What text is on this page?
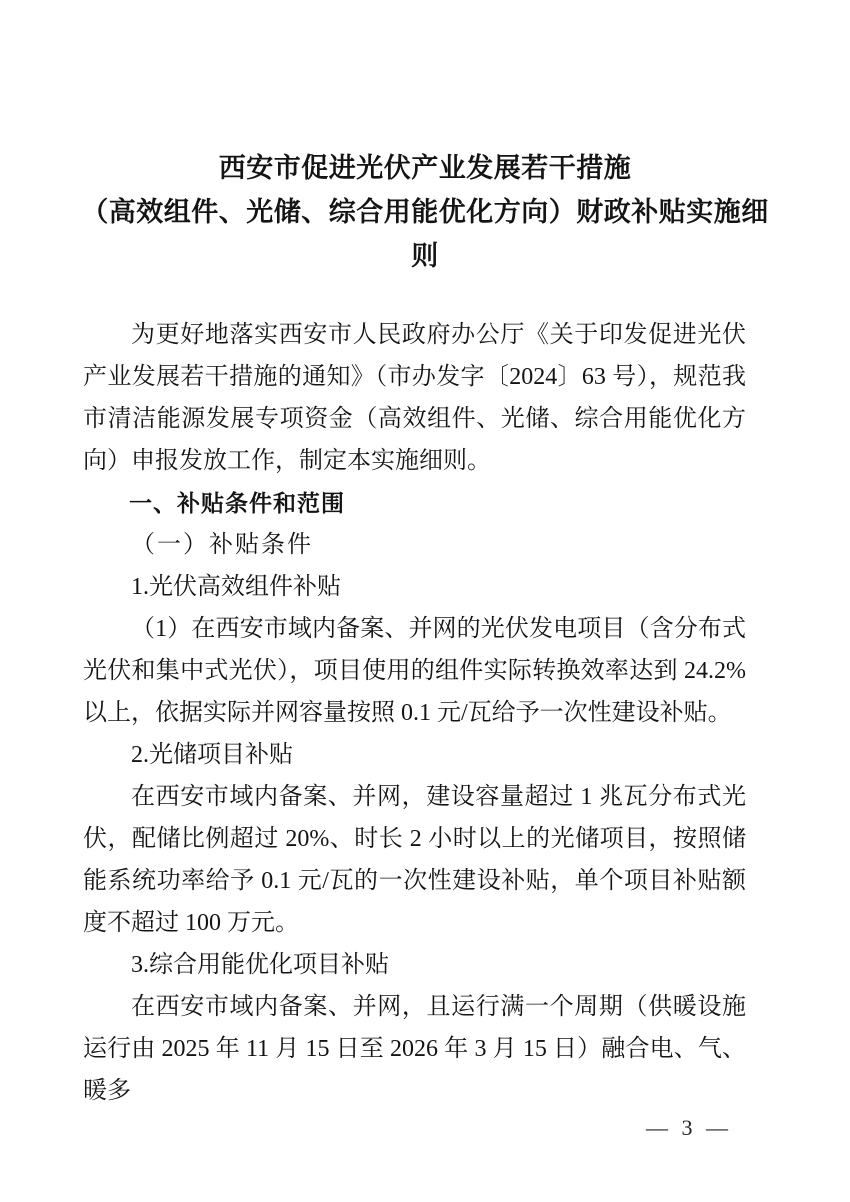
西安市促进光伏产业发展若干措施
（高效组件、光储、综合用能优化方向）财政补贴实施细
则

为更好地落实西安市人民政府办公厅《关于印发促进光伏产业发展若干措施的通知》（市办发字〔2024〕63 号），规范我市清洁能源发展专项资金（高效组件、光储、综合用能优化方向）申报发放工作，制定本实施细则。

一、补贴条件和范围

（一）补贴条件

1.光伏高效组件补贴

（1）在西安市域内备案、并网的光伏发电项目（含分布式光伏和集中式光伏），项目使用的组件实际转换效率达到 24.2%以上，依据实际并网容量按照 0.1 元/瓦给予一次性建设补贴。

2.光储项目补贴

在西安市域内备案、并网，建设容量超过 1 兆瓦分布式光伏，配储比例超过 20%、时长 2 小时以上的光储项目，按照储能系统功率给予 0.1 元/瓦的一次性建设补贴，单个项目补贴额度不超过 100 万元。

3.综合用能优化项目补贴

在西安市域内备案、并网，且运行满一个周期（供暖设施运行由 2025 年 11 月 15 日至 2026 年 3 月 15 日）融合电、气、暖多

— 3 —
